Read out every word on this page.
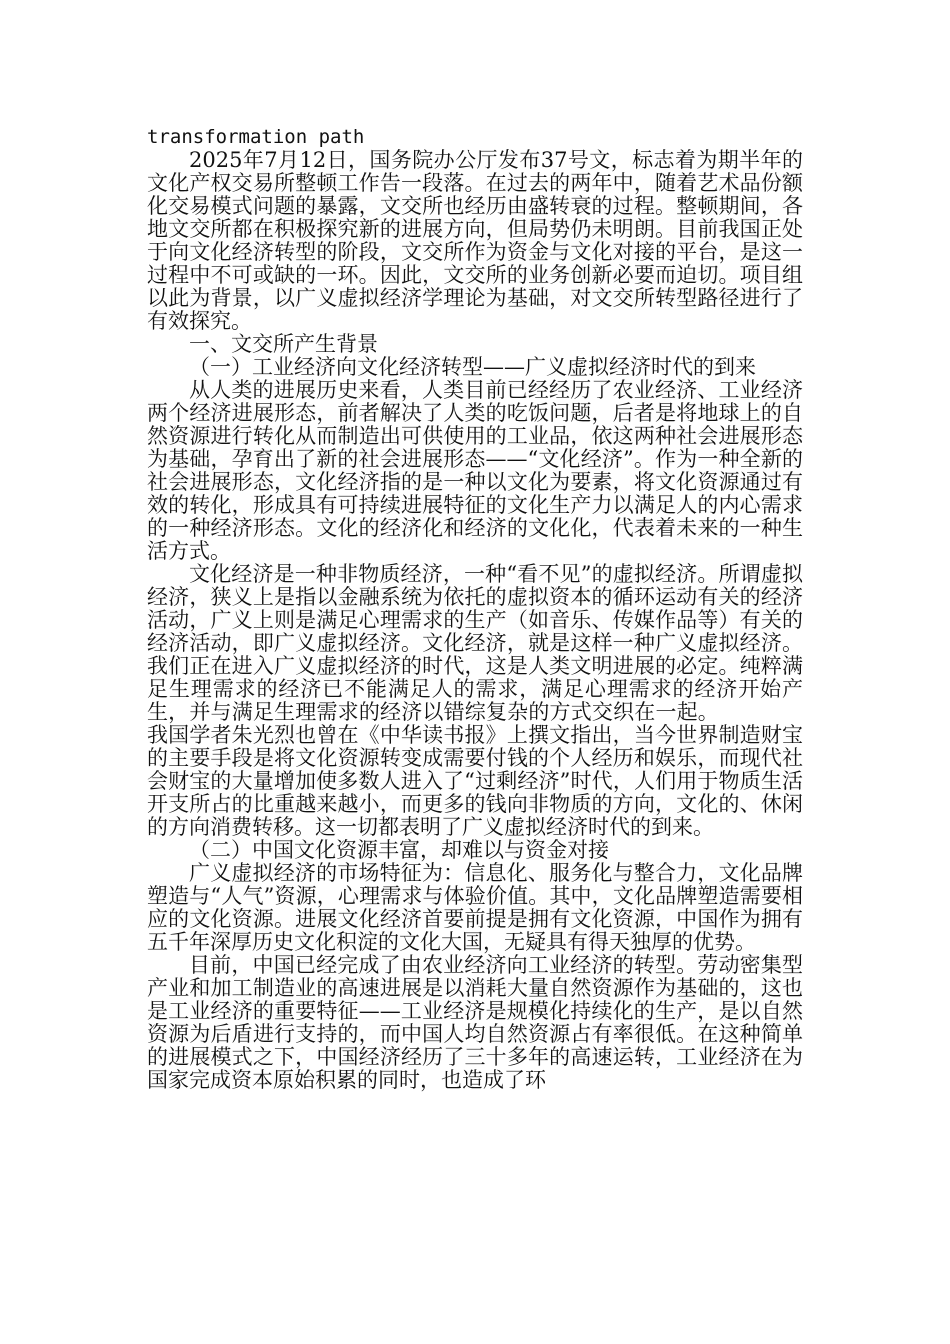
transformation path

2025年7月12日，国务院办公厅发布37号文，标志着为期半年的文化产权交易所整顿工作告一段落。在过去的两年中，随着艺术品份额化交易模式问题的暴露，文交所也经历由盛转衰的过程。整顿期间，各地文交所都在积极探究新的进展方向，但局势仍未明朗。目前我国正处于向文化经济转型的阶段，文交所作为资金与文化对接的平台，是这一过程中不可或缺的一环。因此，文交所的业务创新必要而迫切。项目组以此为背景，以广义虚拟经济学理论为基础，对文交所转型路径进行了有效探究。

一、文交所产生背景

（一）工业经济向文化经济转型——广义虚拟经济时代的到来

从人类的进展历史来看，人类目前已经经历了农业经济、工业经济两个经济进展形态，前者解决了人类的吃饭问题，后者是将地球上的自然资源进行转化从而制造出可供使用的工业品，依这两种社会进展形态为基础，孕育出了新的社会进展形态——“文化经济”。作为一种全新的社会进展形态，文化经济指的是一种以文化为要素，将文化资源通过有效的转化，形成具有可持续进展特征的文化生产力以满足人的内心需求的一种经济形态。文化的经济化和经济的文化化，代表着未来的一种生活方式。

文化经济是一种非物质经济，一种“看不见”的虚拟经济。所谓虚拟经济，狭义上是指以金融系统为依托的虚拟资本的循环运动有关的经济活动，广义上则是满足心理需求的生产（如音乐、传媒作品等）有关的经济活动，即广义虚拟经济。文化经济，就是这样一种广义虚拟经济。我们正在进入广义虚拟经济的时代，这是人类文明进展的必定。纯粹满足生理需求的经济已不能满足人的需求，满足心理需求的经济开始产生，并与满足生理需求的经济以错综复杂的方式交织在一起。我国学者朱光烈也曾在《中华读书报》上撰文指出，当今世界制造财宝的主要手段是将文化资源转变成需要付钱的个人经历和娱乐，而现代社会财宝的大量增加使多数人进入了“过剩经济”时代，人们用于物质生活开支所占的比重越来越小，而更多的钱向非物质的方向，文化的、休闲的方向消费转移。这一切都表明了广义虚拟经济时代的到来。

（二）中国文化资源丰富，却难以与资金对接

广义虚拟经济的市场特征为：信息化、服务化与整合力，文化品牌塑造与“人气”资源，心理需求与体验价值。其中，文化品牌塑造需要相应的文化资源。进展文化经济首要前提是拥有文化资源，中国作为拥有五千年深厚历史文化积淀的文化大国，无疑具有得天独厚的优势。

目前，中国已经完成了由农业经济向工业经济的转型。劳动密集型产业和加工制造业的高速进展是以消耗大量自然资源作为基础的，这也是工业经济的重要特征——工业经济是规模化持续化的生产，是以自然资源为后盾进行支持的，而中国人均自然资源占有率很低。在这种简单的进展模式之下，中国经济经历了三十多年的高速运转，工业经济在为国家完成资本原始积累的同时，也造成了环
